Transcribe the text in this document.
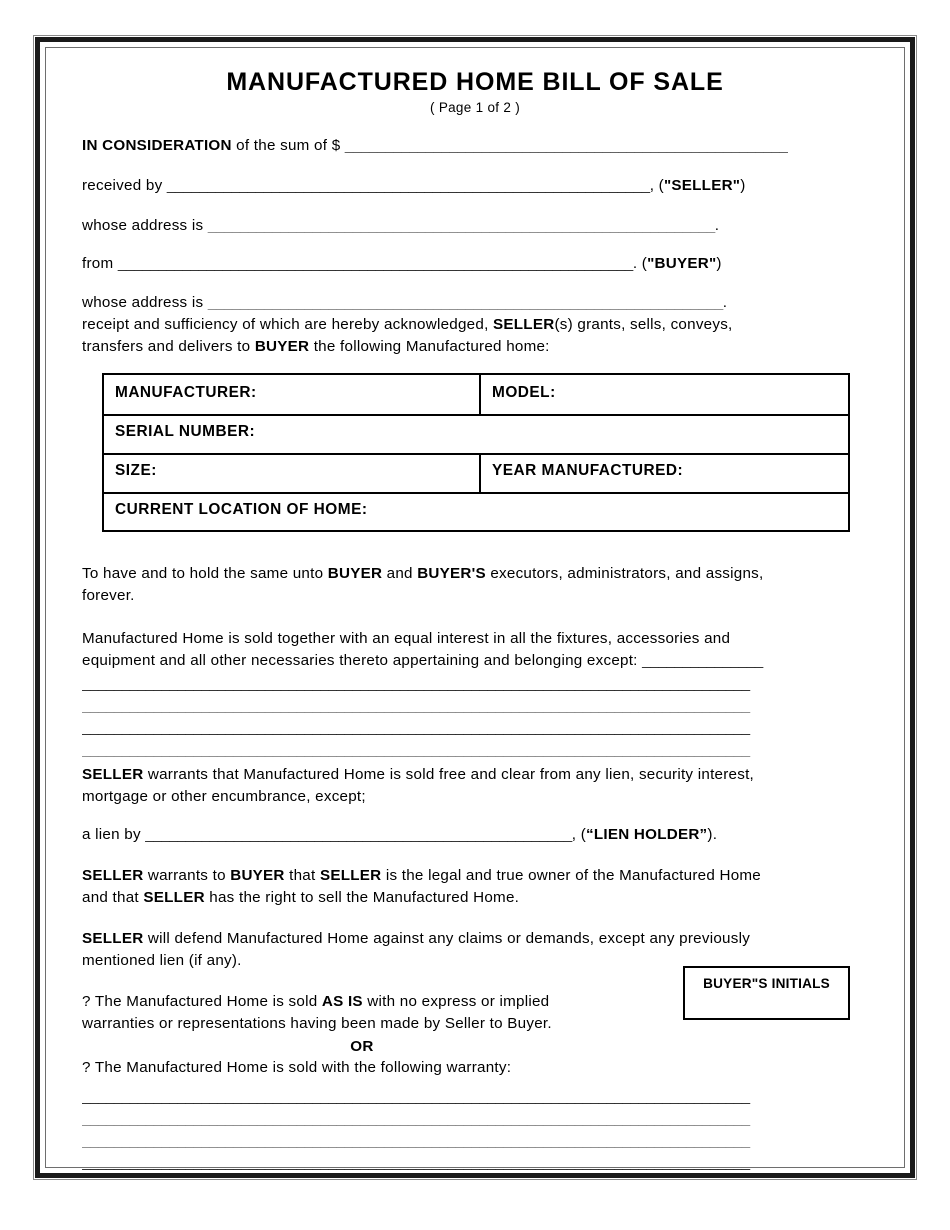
MANUFACTURED HOME BILL OF SALE
( Page 1 of 2 )
IN CONSIDERATION of the sum of $ _______________________________________________________
received by ____________________________________________________________, ("SELLER")
whose address is _______________________________________________________________.
from ________________________________________________________________. ("BUYER")
whose address is ________________________________________________________________.
receipt and sufficiency of which are hereby acknowledged, SELLER(s) grants, sells, conveys,
transfers and delivers to BUYER the following Manufactured home:
MANUFACTURER:	MODEL:
SERIAL NUMBER:
SIZE:	YEAR MANUFACTURED:
CURRENT LOCATION OF HOME:
To have and to hold the same unto BUYER and BUYER'S executors, administrators, and assigns,
forever.
Manufactured Home is sold together with an equal interest in all the fixtures, accessories and
equipment and all other necessaries thereto appertaining and belonging except: _______________
____________________________________________________________________________________
____________________________________________________________________________________
____________________________________________________________________________________
____________________________________________________________________________________
SELLER warrants that Manufactured Home is sold free and clear from any lien, security interest,
mortgage or other encumbrance, except;
a lien by _____________________________________________________, (“LIEN HOLDER”).
SELLER warrants to BUYER that SELLER is the legal and true owner of the Manufactured Home
and that SELLER has the right to sell the Manufactured Home.
SELLER will defend Manufactured Home against any claims or demands, except any previously
mentioned lien (if any).
? The Manufactured Home is sold AS IS with no express or implied
warranties or representations having been made by Seller to Buyer.
OR
? The Manufactured Home is sold with the following warranty:
____________________________________________________________________________________
____________________________________________________________________________________
____________________________________________________________________________________
____________________________________________________________________________________
BUYER"S INITIALS
